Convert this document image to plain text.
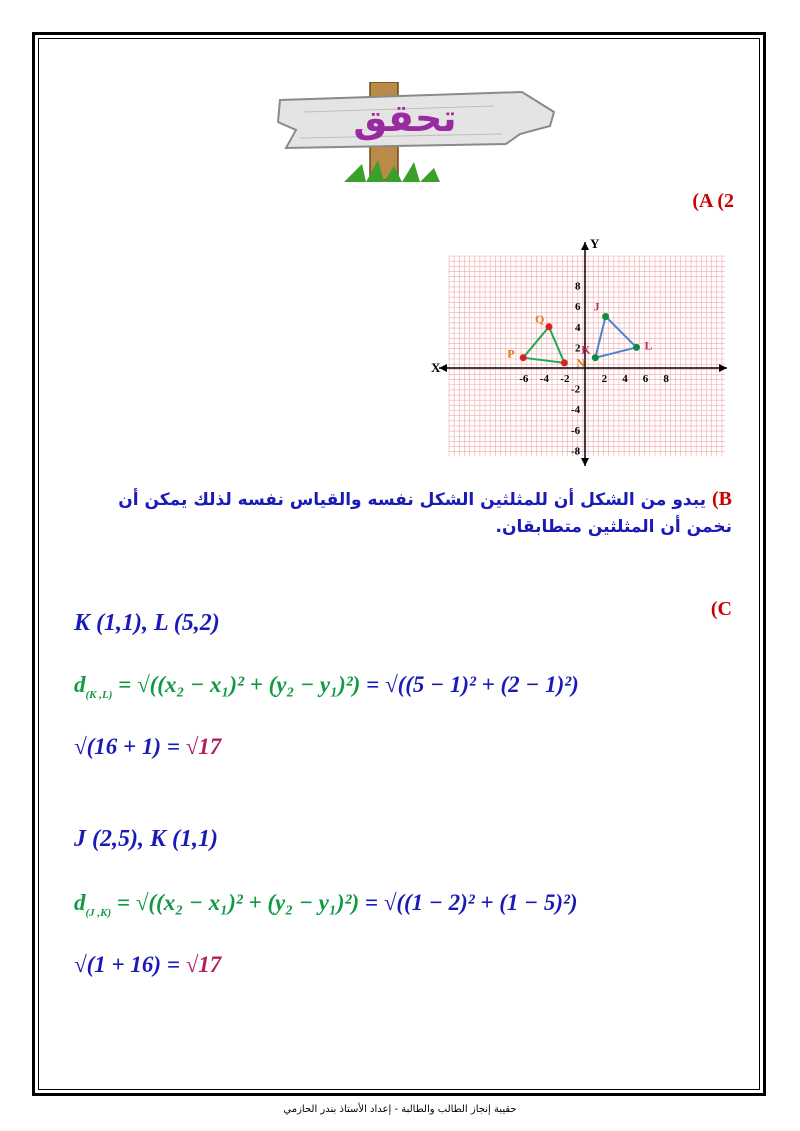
تحقق
(A (2
X
Y
-6 -4 -2	2 4 6 8
8
6
4
2
-2
-4
-6
-8
P
Q
N
K
J
L
B) يبدو من الشكل أن للمثلثين الشكل نفسه والقياس نفسه لذلك يمكن أن نخمن أن المثلثين متطابقان.
(C
K (1,1), L (5,2)
$d_{(K ,L)} = √((x_2 - x_1)^2 + (y_2 - y_1)^2) = √((5 - 1)^2 + (2 - 1)^2)$
√(16 + 1) = √17
J (2,5), K (1,1)
$d_{(J ,K)} = √((x_2 - x_1)^2 + (y_2 - y_1)^2) = √((1 - 2)^2 + (1 - 5)^2)$
√(1 + 16) = √17
حقيبة إنجاز الطالب والطالبة - إعداد الأستاذ بندر الحازمي
